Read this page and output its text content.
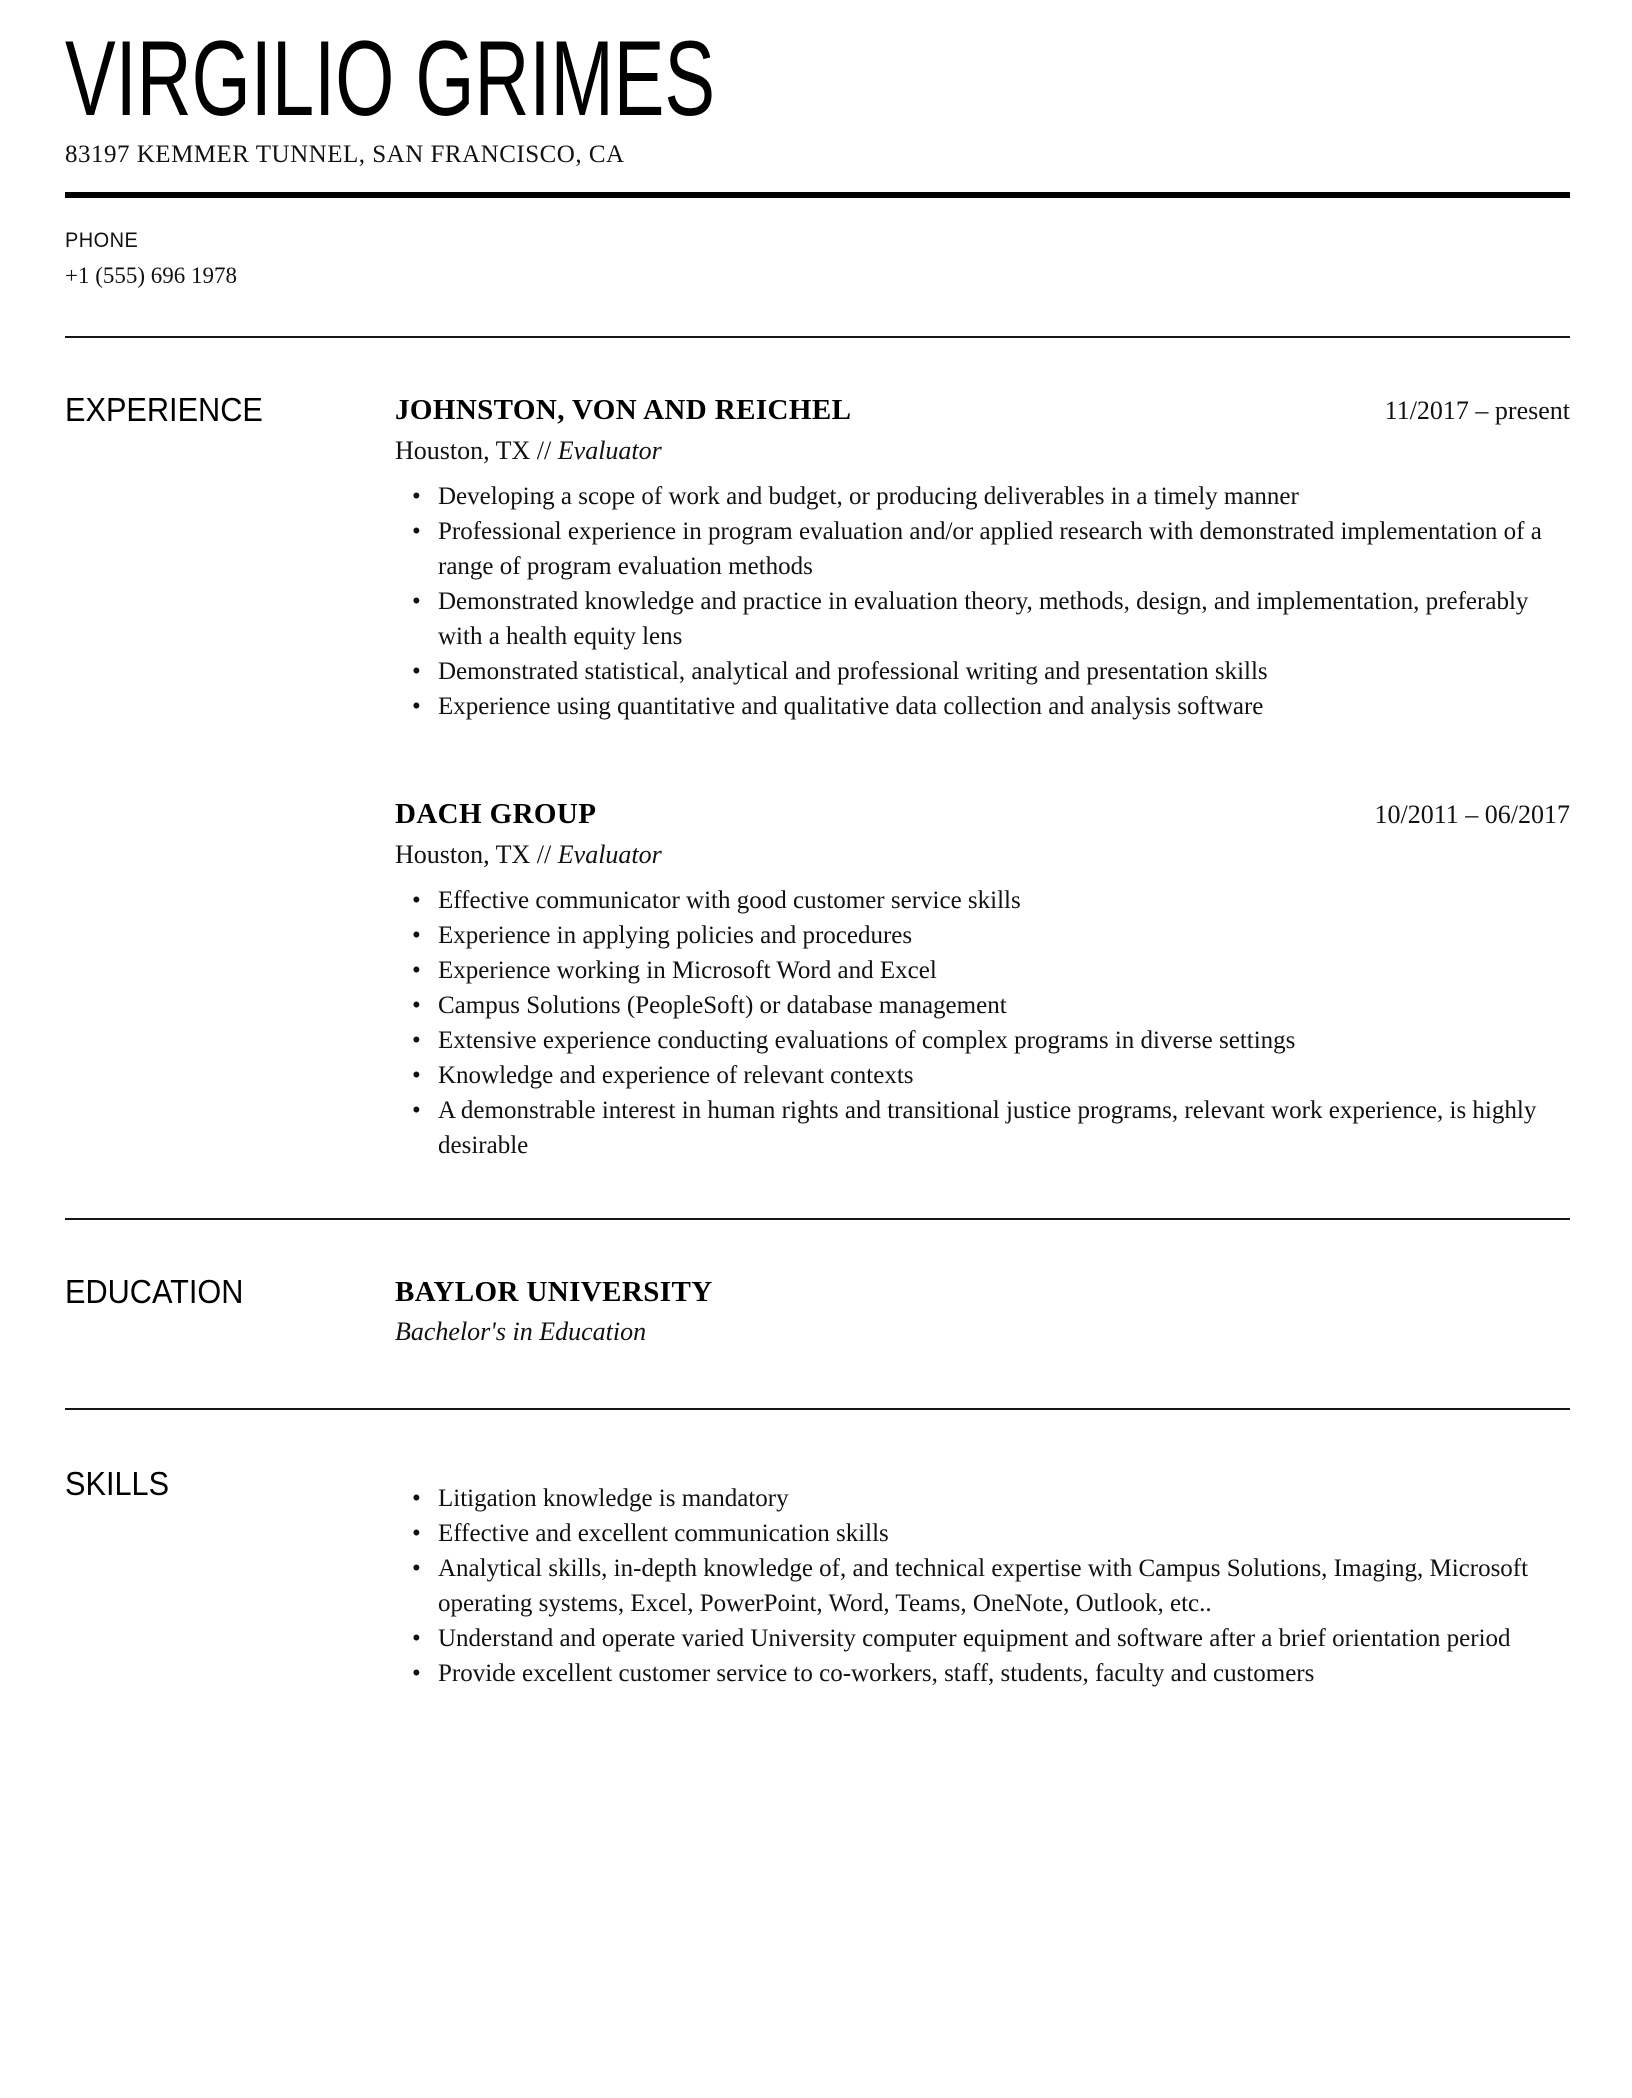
VIRGILIO GRIMES
83197 KEMMER TUNNEL, SAN FRANCISCO, CA
PHONE
+1 (555) 696 1978
EXPERIENCE	JOHNSTON, VON AND REICHEL	11/2017 – present
Houston, TX // Evaluator
• Developing a scope of work and budget, or producing deliverables in a timely manner
• Professional experience in program evaluation and/or applied research with demonstrated implementation of a range of program evaluation methods
• Demonstrated knowledge and practice in evaluation theory, methods, design, and implementation, preferably with a health equity lens
• Demonstrated statistical, analytical and professional writing and presentation skills
• Experience using quantitative and qualitative data collection and analysis software
DACH GROUP	10/2011 – 06/2017
Houston, TX // Evaluator
• Effective communicator with good customer service skills
• Experience in applying policies and procedures
• Experience working in Microsoft Word and Excel
• Campus Solutions (PeopleSoft) or database management
• Extensive experience conducting evaluations of complex programs in diverse settings
• Knowledge and experience of relevant contexts
• A demonstrable interest in human rights and transitional justice programs, relevant work experience, is highly desirable
EDUCATION	BAYLOR UNIVERSITY
Bachelor's in Education
SKILLS	• Litigation knowledge is mandatory
• Effective and excellent communication skills
• Analytical skills, in-depth knowledge of, and technical expertise with Campus Solutions, Imaging, Microsoft operating systems, Excel, PowerPoint, Word, Teams, OneNote, Outlook, etc..
• Understand and operate varied University computer equipment and software after a brief orientation period
• Provide excellent customer service to co-workers, staff, students, faculty and customers
